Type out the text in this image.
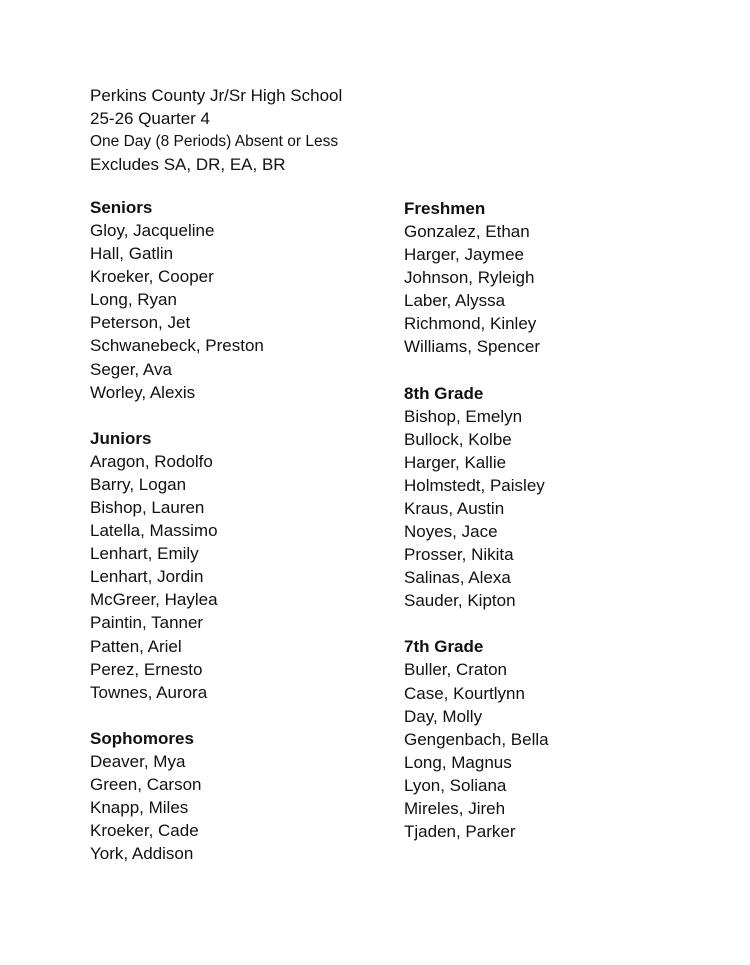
Perkins County Jr/Sr High School
25-26 Quarter 4
One Day (8 Periods) Absent or Less
Excludes SA, DR, EA, BR
Seniors
Gloy, Jacqueline
Hall, Gatlin
Kroeker, Cooper
Long, Ryan
Peterson, Jet
Schwanebeck, Preston
Seger, Ava
Worley, Alexis
Juniors
Aragon, Rodolfo
Barry, Logan
Bishop, Lauren
Latella, Massimo
Lenhart, Emily
Lenhart, Jordin
McGreer, Haylea
Paintin, Tanner
Patten, Ariel
Perez, Ernesto
Townes, Aurora
Sophomores
Deaver, Mya
Green, Carson
Knapp, Miles
Kroeker, Cade
York, Addison
Freshmen
Gonzalez, Ethan
Harger, Jaymee
Johnson, Ryleigh
Laber, Alyssa
Richmond, Kinley
Williams, Spencer
8th Grade
Bishop, Emelyn
Bullock, Kolbe
Harger, Kallie
Holmstedt, Paisley
Kraus, Austin
Noyes, Jace
Prosser, Nikita
Salinas, Alexa
Sauder, Kipton
7th Grade
Buller, Craton
Case, Kourtlynn
Day, Molly
Gengenbach, Bella
Long, Magnus
Lyon, Soliana
Mireles, Jireh
Tjaden, Parker
